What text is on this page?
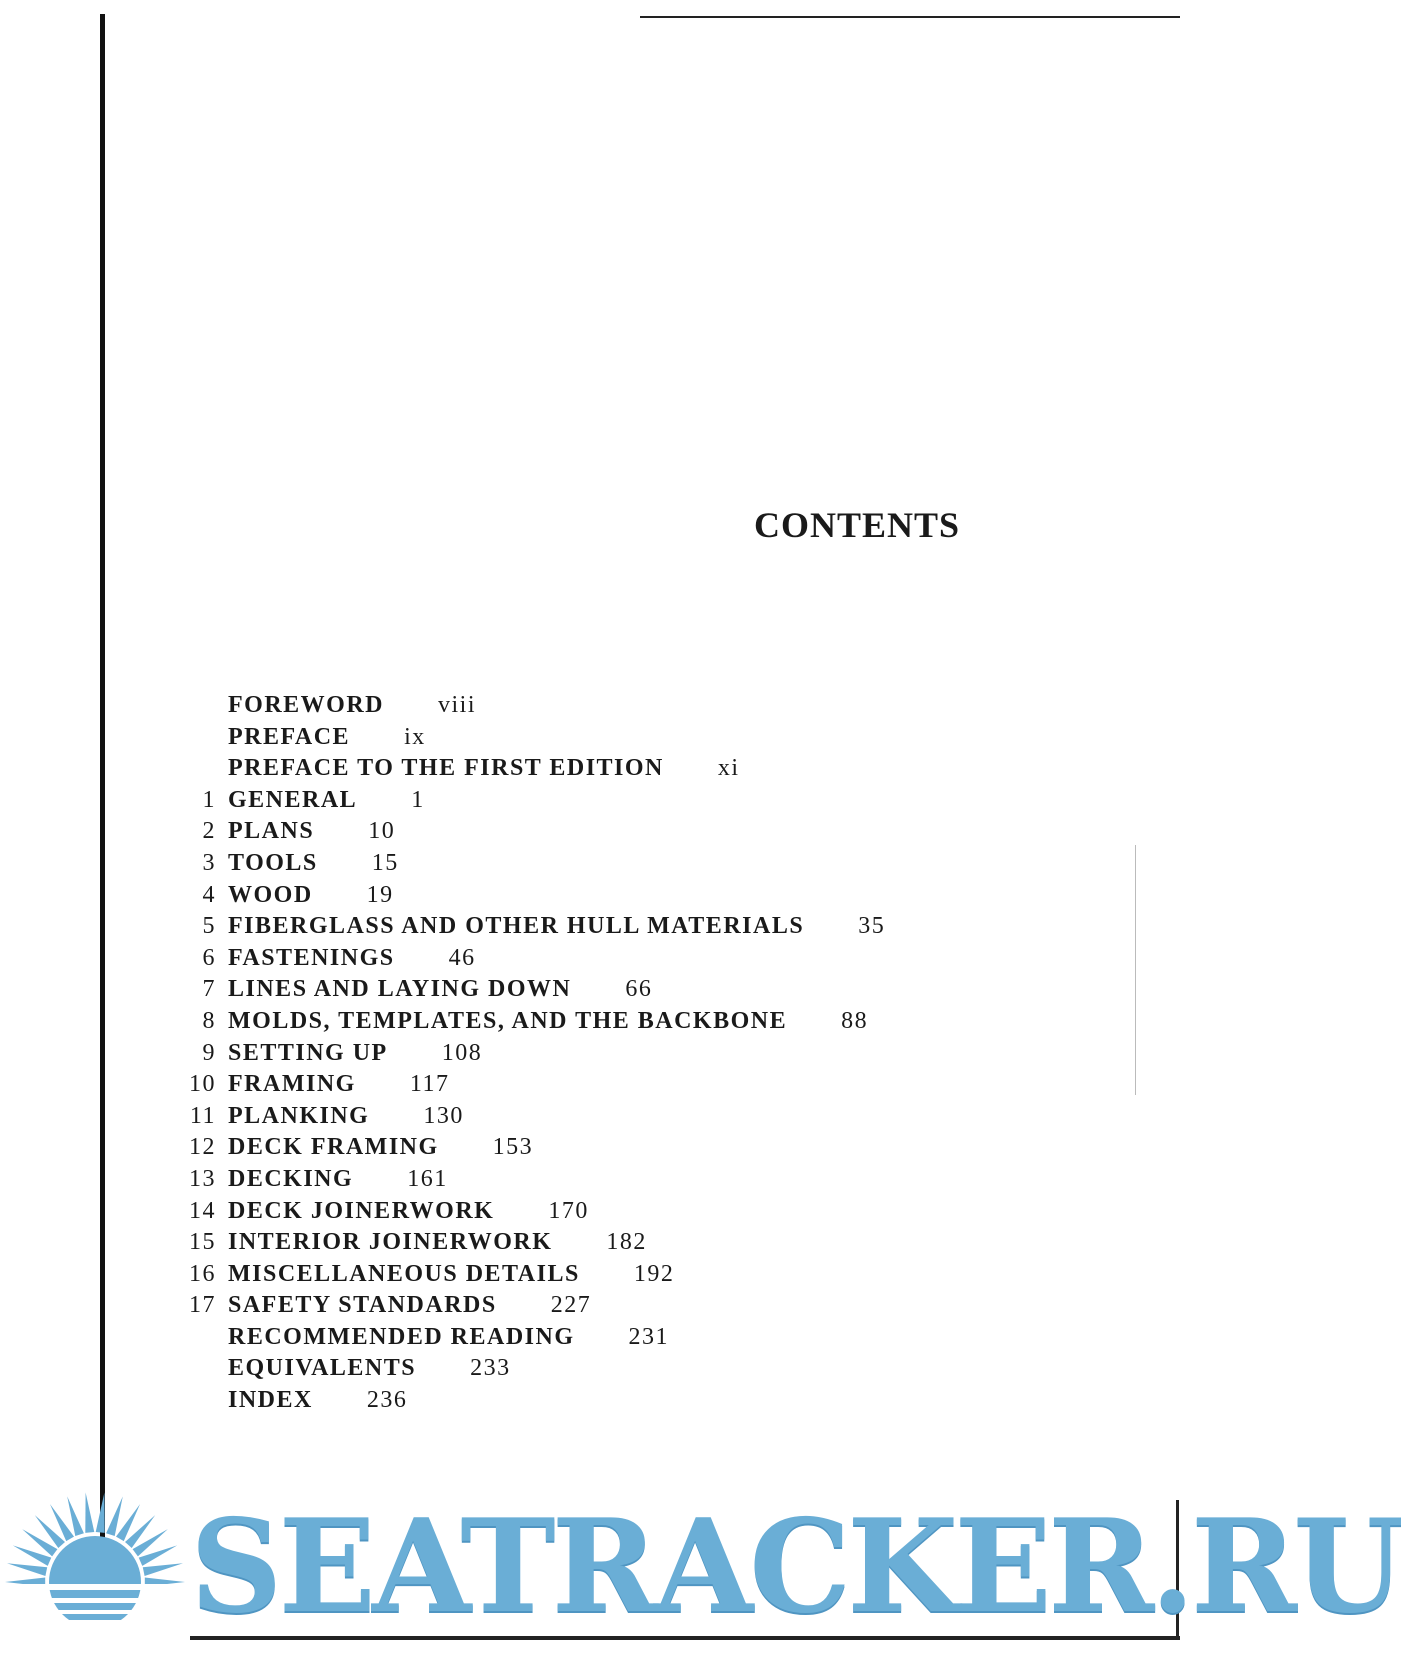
CONTENTS
FOREWORD viii
PREFACE ix
PREFACE TO THE FIRST EDITION xi
1 GENERAL 1
2 PLANS 10
3 TOOLS 15
4 WOOD 19
5 FIBERGLASS AND OTHER HULL MATERIALS 35
6 FASTENINGS 46
7 LINES AND LAYING DOWN 66
8 MOLDS, TEMPLATES, AND THE BACKBONE 88
9 SETTING UP 108
10 FRAMING 117
11 PLANKING 130
12 DECK FRAMING 153
13 DECKING 161
14 DECK JOINERWORK 170
15 INTERIOR JOINERWORK 182
16 MISCELLANEOUS DETAILS 192
17 SAFETY STANDARDS 227
RECOMMENDED READING 231
EQUIVALENTS 233
INDEX 236
SEATRACKER.RU
